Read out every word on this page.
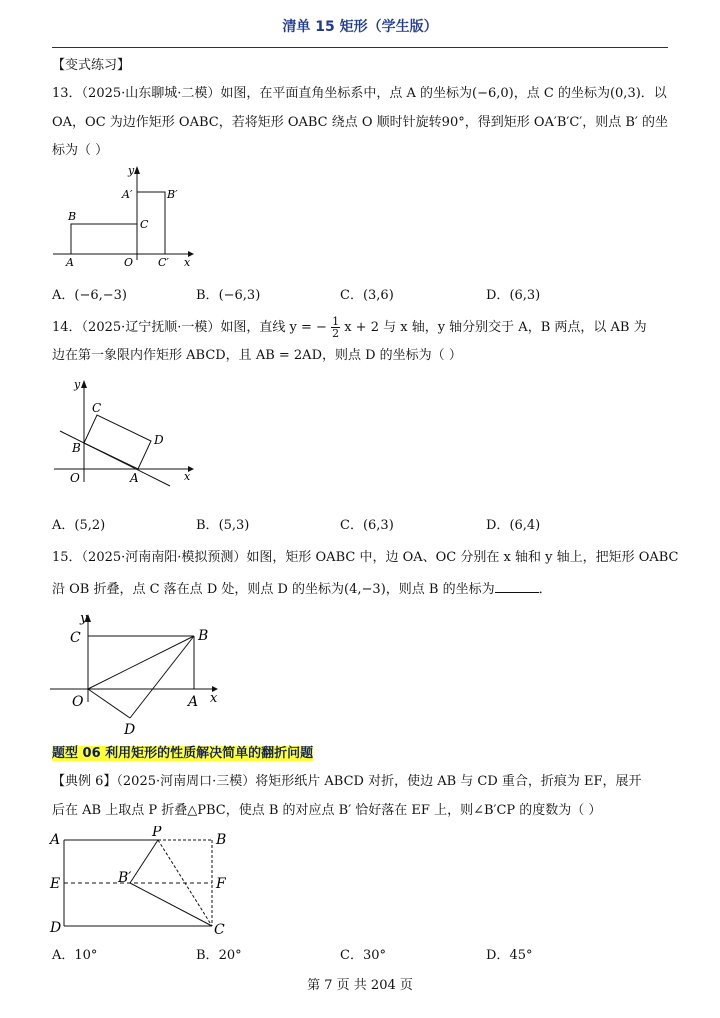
清单 15 矩形（学生版）
【变式练习】
13．（2025·山东聊城·二模）如图，在平面直角坐标系中，点 A 的坐标为(−6,0)，点 C 的坐标为(0,3)．以
OA，OC 为边作矩形 OABC，若将矩形 OABC 绕点 O 顺时针旋转90°，得到矩形 OA′B′C′，则点 B′ 的坐
标为（ ）
y
x
A′	B′
B
C
A	O C′
A．(−6,−3)	B．(−6,3)	C．(3,6)	D．(6,3)
14．（2025·辽宁抚顺·一模）如图，直线 y = − $\frac{1}{2}$ x + 2 与 x 轴，y 轴分别交于 A，B 两点，以 AB 为
边在第一象限内作矩形 ABCD，且 AB = 2AD，则点 D 的坐标为（ ）
y
x
C
D
B
O	A
A．(5,2)	B．(5,3)	C．(6,3)	D．(6,4)
15．（2025·河南南阳·模拟预测）如图，矩形 OABC 中，边 OA、OC 分别在 x 轴和 y 轴上，把矩形 OABC
沿 OB 折叠，点 C 落在点 D 处，则点 D 的坐标为(4,−3)，则点 B 的坐标为	．
y
x
C	B
O	A
D
题型 06 利用矩形的性质解决简单的翻折问题
【典例 6】（2025·河南周口·三模）将矩形纸片 ABCD 对折，使边 AB 与 CD 重合，折痕为 EF，展开
后在 AB 上取点 P 折叠△PBC，使点 B 的对应点 B′ 恰好落在 EF 上，则∠B′CP 的度数为（ ）
A	P	B
E	B′	F
D	C
A．10°	B．20°	C．30°	D．45°
第 7 页 共 204 页
